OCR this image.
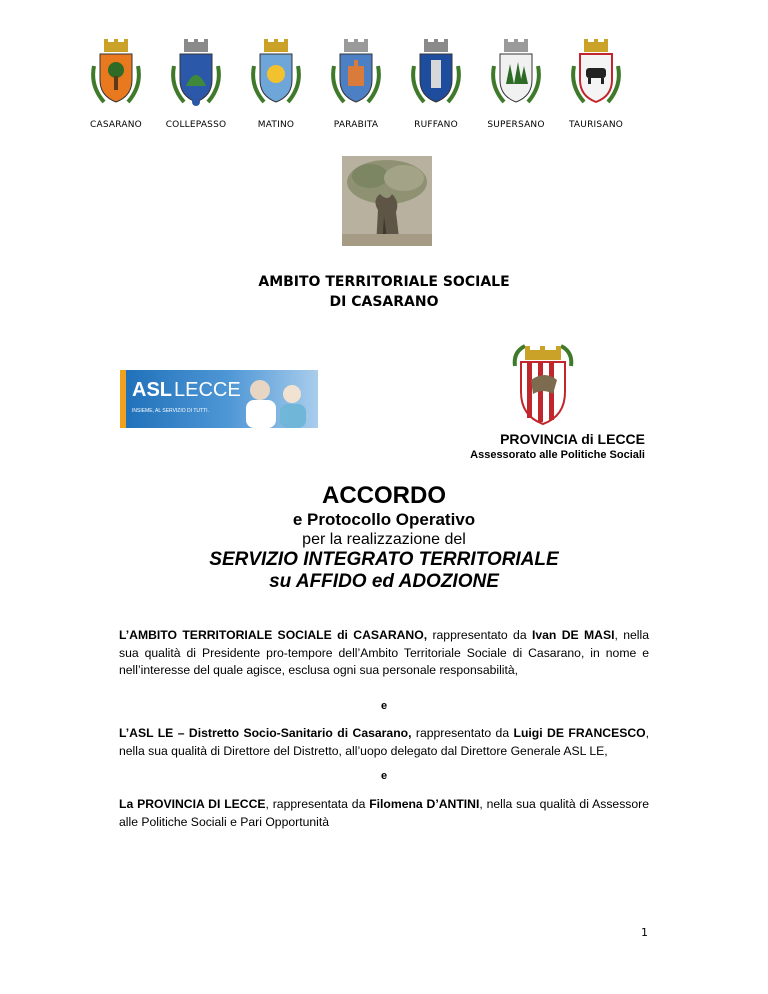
CASARANO	COLLEPASSO	MATINO	PARABITA	RUFFANO	SUPERSANO	TAURISANO
AMBITO TERRITORIALE SOCIALE
DI CASARANO
ASL LECCE
INSIEME, AL SERVIZIO DI TUTTI.
PROVINCIA di LECCE
Assessorato alle Politiche Sociali
ACCORDO
e Protocollo Operativo
per la realizzazione del
SERVIZIO INTEGRATO TERRITORIALE
su AFFIDO ed ADOZIONE
L’AMBITO TERRITORIALE SOCIALE di CASARANO, rappresentato da Ivan DE MASI, nella sua qualità di Presidente pro-tempore dell’Ambito Territoriale Sociale di Casarano, in nome e nell’interesse del quale agisce, esclusa ogni sua personale responsabilità,
e
L’ASL LE – Distretto Socio-Sanitario di Casarano, rappresentato da Luigi DE FRANCESCO, nella sua qualità di Direttore del Distretto, all’uopo delegato dal Direttore Generale ASL LE,
e
La PROVINCIA DI LECCE, rappresentata da Filomena D’ANTINI, nella sua qualità di Assessore alle Politiche Sociali e Pari Opportunità
1
